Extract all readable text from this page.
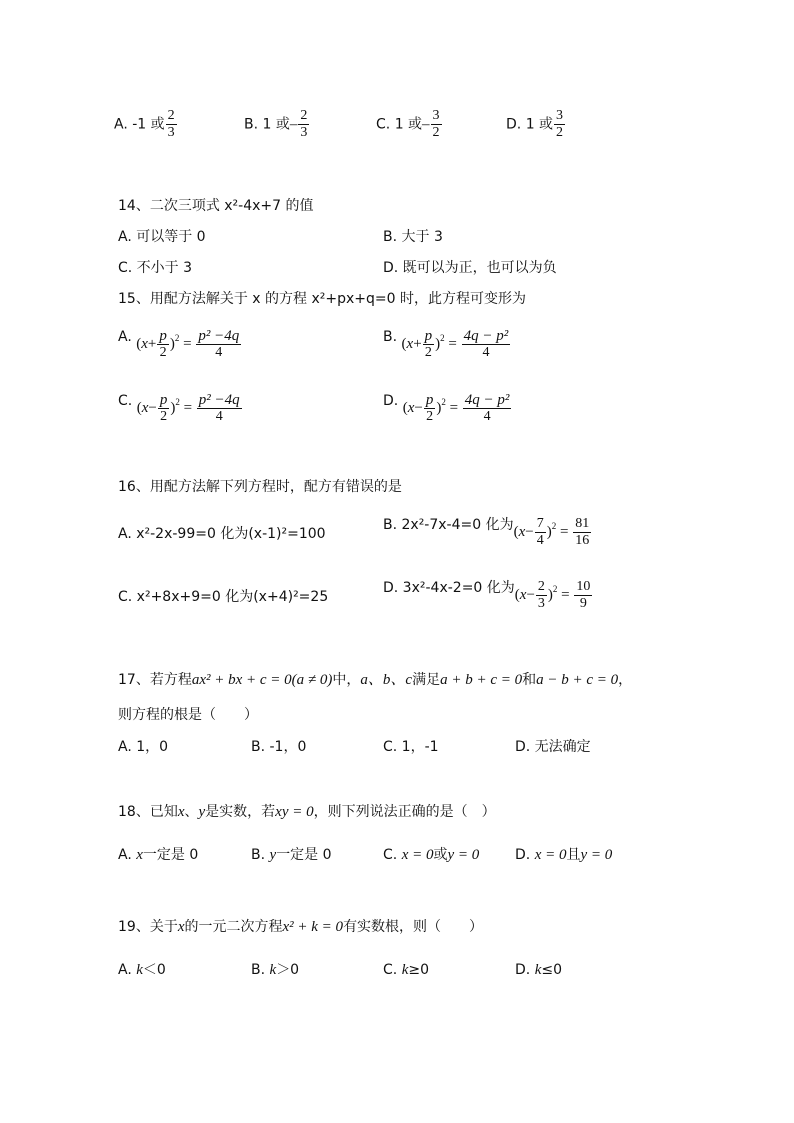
A. -1 或 $\frac{2}{3}$	B. 1 或– $\frac{2}{3}$	C. 1 或– $\frac{3}{2}$	D. 1 或 $\frac{3}{2}$
14、二次三项式 x²-4x+7 的值
A. 可以等于 0	B. 大于 3
C. 不小于 3	D. 既可以为正，也可以为负
15、用配方法解关于 x 的方程 x²+px+q=0 时，此方程可变形为
A. $(x+ \frac{p}{2} )^2 = \frac{\text{p² −4q}}{4}$	B. $(x+ \frac{p}{2} )^2 = \frac{\text{4q − p²}}{4}$
C. $(x- \frac{p}{2} )^2 = \frac{\text{p² −4q}}{4}$	D. $(x- \frac{p}{2} )^2 = \frac{\text{4q − p²}}{4}$
16、用配方法解下列方程时，配方有错误的是
A. x²-2x-99=0 化为(x-1)²=100
B. 2x²-7x-4=0 化为$(x- \frac{7}{4} )^2 = \frac{81}{16}$
C. x²+8x+9=0 化为(x+4)²=25
D. 3x²-4x-2=0 化为$(x- \frac{2}{3} )^2 = \frac{10}{9}$
17、若方程ax² + bx + c = 0(a ≠ 0)中，a、b、c满足a + b + c = 0和a − b + c = 0，
则方程的根是（　　）
A. 1，0	B. -1，0	C. 1，-1	D. 无法确定
18、已知x、y是实数，若xy = 0，则下列说法正确的是（　）
A. x一定是 0	B. y一定是 0	C. x = 0或y = 0	D. x = 0且y = 0
19、关于x的一元二次方程x² + k = 0有实数根，则（　　）
A. k＜0	B. k＞0	C. k≥0	D. k≤0
